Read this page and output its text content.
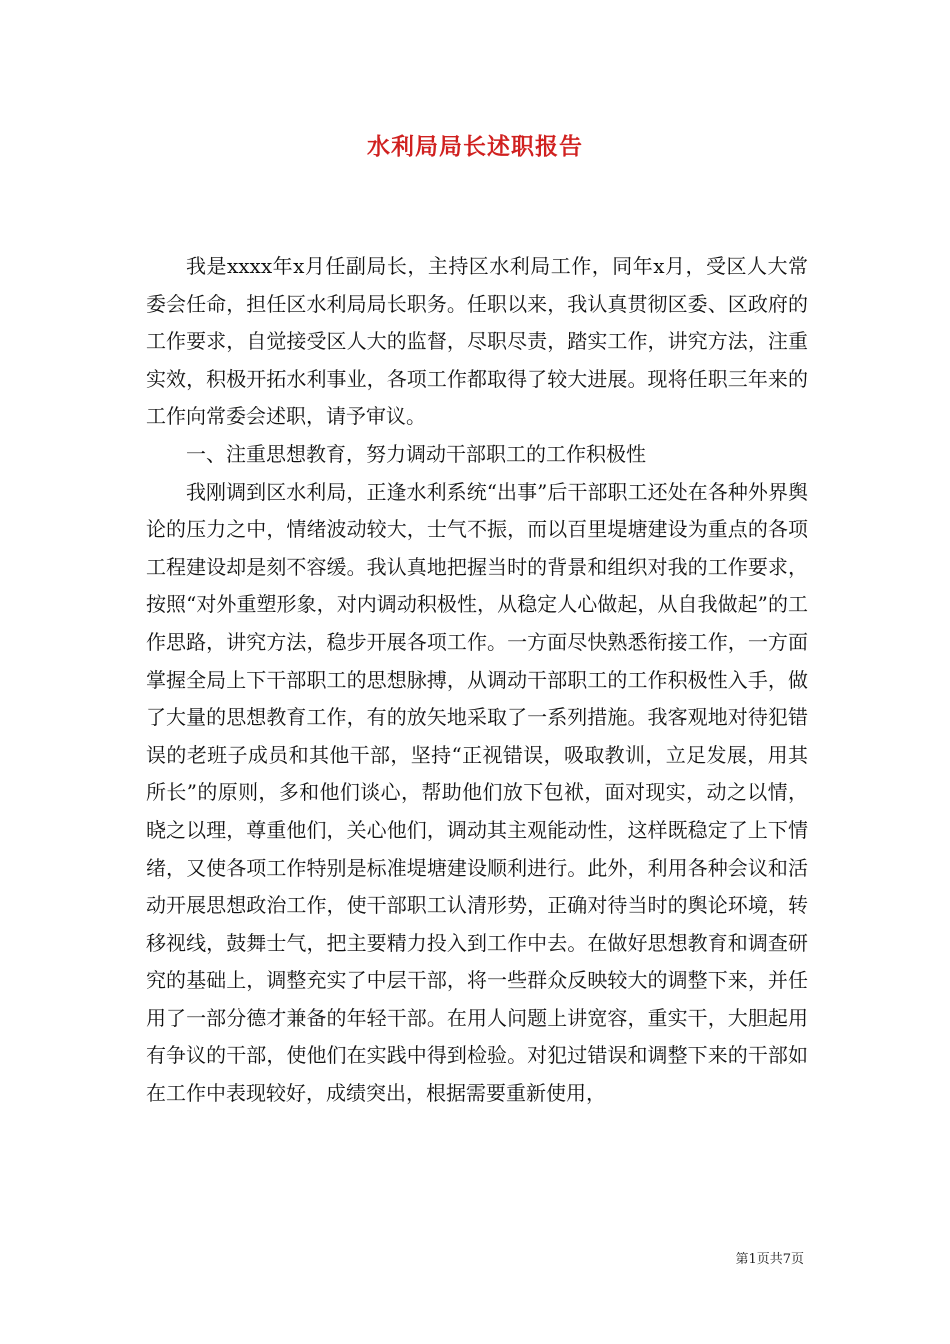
水利局局长述职报告

我是xxxx年x月任副局长，主持区水利局工作，同年x月，受区人大常委会任命，担任区水利局局长职务。任职以来，我认真贯彻区委、区政府的工作要求，自觉接受区人大的监督，尽职尽责，踏实工作，讲究方法，注重实效，积极开拓水利事业，各项工作都取得了较大进展。现将任职三年来的工作向常委会述职，请予审议。

一、注重思想教育，努力调动干部职工的工作积极性

我刚调到区水利局，正逢水利系统“出事”后干部职工还处在各种外界舆论的压力之中，情绪波动较大，士气不振，而以百里堤塘建设为重点的各项工程建设却是刻不容缓。我认真地把握当时的背景和组织对我的工作要求，按照“对外重塑形象，对内调动积极性，从稳定人心做起，从自我做起”的工作思路，讲究方法，稳步开展各项工作。一方面尽快熟悉衔接工作，一方面掌握全局上下干部职工的思想脉搏，从调动干部职工的工作积极性入手，做了大量的思想教育工作，有的放矢地采取了一系列措施。我客观地对待犯错误的老班子成员和其他干部，坚持“正视错误，吸取教训，立足发展，用其所长”的原则，多和他们谈心，帮助他们放下包袱，面对现实，动之以情，晓之以理，尊重他们，关心他们，调动其主观能动性，这样既稳定了上下情绪，又使各项工作特别是标准堤塘建设顺利进行。此外，利用各种会议和活动开展思想政治工作，使干部职工认清形势，正确对待当时的舆论环境，转移视线，鼓舞士气，把主要精力投入到工作中去。在做好思想教育和调查研究的基础上，调整充实了中层干部，将一些群众反映较大的调整下来，并任用了一部分德才兼备的年轻干部。在用人问题上讲宽容，重实干，大胆起用有争议的干部，使他们在实践中得到检验。对犯过错误和调整下来的干部如在工作中表现较好，成绩突出，根据需要重新使用，

第1页共7页
